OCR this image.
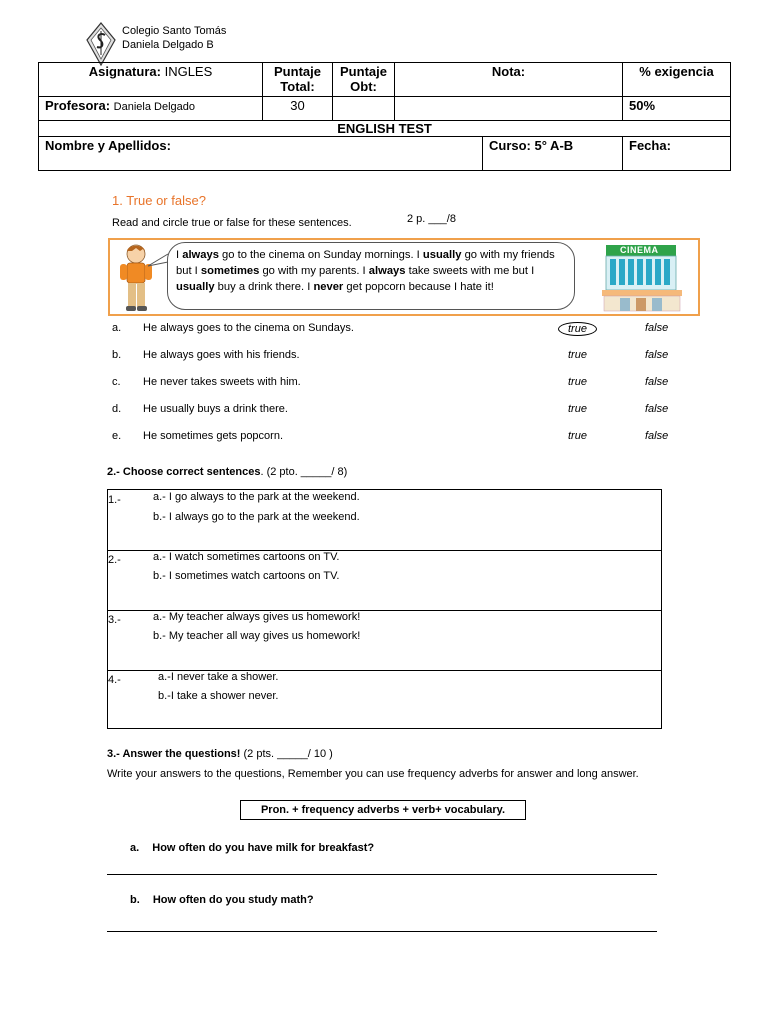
Colegio Santo Tomás
Daniela Delgado B
Asignatura: INGLES	Puntaje Total:	Puntaje Obt:	Nota:		% exigencia
Profesora: Daniela Delgado	30				50%
ENGLISH TEST					
Nombre y Apellidos:				Curso: 5° A-B	Fecha:
1. True or false?
Read and circle true or false for these sentences.	2 p. ___/8
I always go to the cinema on Sunday mornings. I usually go with my friends but I sometimes go with my parents. I always take sweets with me but I usually buy a drink there. I never get popcorn because I hate it!
CINEMA
a. He always goes to the cinema on Sundays.	true	false
b. He always goes with his friends.	true	false
c. He never takes sweets with him.	true	false
d. He usually buys a drink there.	true	false
e. He sometimes gets popcorn.	true	false
2.- Choose correct sentences. (2 pto. _____/ 8)
1.-	a.- I go always to the park at the weekend.
b.- I always go to the park at the weekend.
2.-	a.- I watch sometimes cartoons on TV.
b.- I sometimes watch cartoons on TV.
3.-	a.- My teacher always gives us homework!
b.- My teacher all way gives us homework!
4.-	a.-I never take a shower.
b.-I take a shower never.
3.- Answer the questions! (2 pts. _____/ 10 )
Write your answers to the questions, Remember you can use frequency adverbs for answer and long answer.
Pron. + frequency adverbs + verb+ vocabulary.
a. How often do you have milk for breakfast?
b. How often do you study math?
